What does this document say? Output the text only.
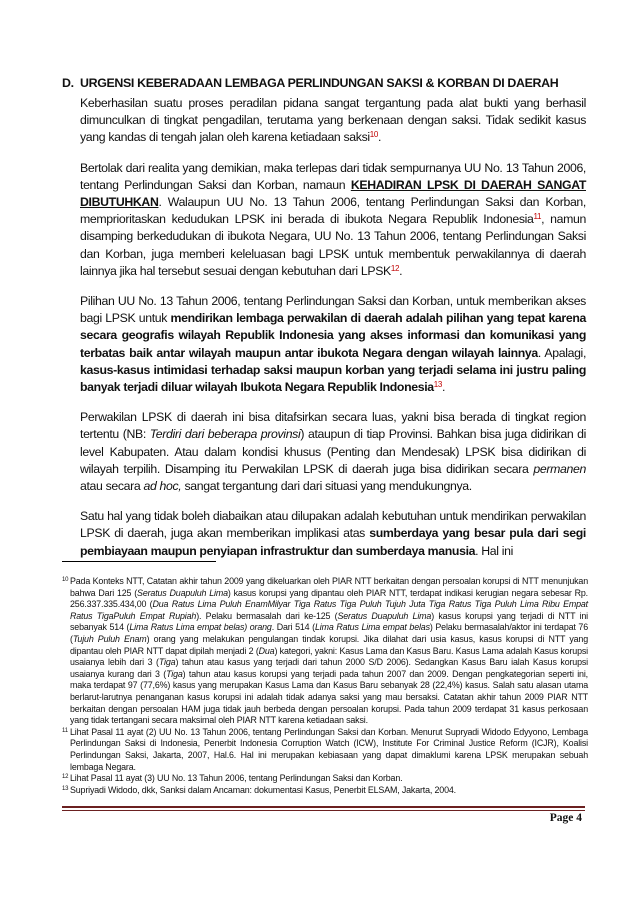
D. URGENSI KEBERADAAN LEMBAGA PERLINDUNGAN SAKSI & KORBAN DI DAERAH

Keberhasilan suatu proses peradilan pidana sangat tergantung pada alat bukti yang berhasil dimunculkan di tingkat pengadilan, terutama yang berkenaan dengan saksi. Tidak sedikit kasus yang kandas di tengah jalan oleh karena ketiadaan saksi$^{10}$.

Bertolak dari realita yang demikian, maka terlepas dari tidak sempurnanya UU No. 13 Tahun 2006, tentang Perlindungan Saksi dan Korban, namaun KEHADIRAN LPSK DI DAERAH SANGAT DIBUTUHKAN. Walaupun UU No. 13 Tahun 2006, tentang Perlindungan Saksi dan Korban, memprioritaskan kedudukan LPSK ini berada di ibukota Negara Republik Indonesia$^{11}$, namun disamping berkedudukan di ibukota Negara, UU No. 13 Tahun 2006, tentang Perlindungan Saksi dan Korban, juga memberi keleluasan bagi LPSK untuk membentuk perwakilannya di daerah lainnya jika hal tersebut sesuai dengan kebutuhan dari LPSK$^{12}$.

Pilihan UU No. 13 Tahun 2006, tentang Perlindungan Saksi dan Korban, untuk memberikan akses bagi LPSK untuk mendirikan lembaga perwakilan di daerah adalah pilihan yang tepat karena secara geografis wilayah Republik Indonesia yang akses informasi dan komunikasi yang terbatas baik antar wilayah maupun antar ibukota Negara dengan wilayah lainnya. Apalagi, kasus-kasus intimidasi terhadap saksi maupun korban yang terjadi selama ini justru paling banyak terjadi diluar wilayah Ibukota Negara Republik Indonesia$^{13}$.

Perwakilan LPSK di daerah ini bisa ditafsirkan secara luas, yakni bisa berada di tingkat region tertentu (NB: Terdiri dari beberapa provinsi) ataupun di tiap Provinsi. Bahkan bisa juga didirikan di level Kabupaten. Atau dalam kondisi khusus (Penting dan Mendesak) LPSK bisa didirikan di wilayah terpilih. Disamping itu Perwakilan LPSK di daerah juga bisa didirikan secara permanen atau secara ad hoc, sangat tergantung dari dari situasi yang mendukungnya.

Satu hal yang tidak boleh diabaikan atau dilupakan adalah kebutuhan untuk mendirikan perwakilan LPSK di daerah, juga akan memberikan implikasi atas sumberdaya yang besar pula dari segi pembiayaan maupun penyiapan infrastruktur dan sumberdaya manusia. Hal ini

10 Pada Konteks NTT, Catatan akhir tahun 2009 yang dikeluarkan oleh PIAR NTT berkaitan dengan persoalan korupsi di NTT menunjukan bahwa Dari 125 (Seratus Duapuluh Lima) kasus korupsi yang dipantau oleh PIAR NTT, terdapat indikasi kerugian negara sebesar Rp. 256.337.335.434,00 (Dua Ratus Lima Puluh EnamMilyar Tiga Ratus Tiga Puluh Tujuh Juta Tiga Ratus Tiga Puluh Lima Ribu Empat Ratus TigaPuluh Empat Rupiah). Pelaku bermasalah dari ke-125 (Seratus Duapuluh Lima) kasus korupsi yang terjadi di NTT ini sebanyak 514 (Lima Ratus Lima empat belas) orang. Dari 514 (Lima Ratus Lima empat belas) Pelaku bermasalah/aktor ini terdapat 76 (Tujuh Puluh Enam) orang yang melakukan pengulangan tindak korupsi. Jika dilahat dari usia kasus, kasus korupsi di NTT yang dipantau oleh PIAR NTT dapat dipilah menjadi 2 (Dua) kategori, yakni: Kasus Lama dan Kasus Baru. Kasus Lama adalah Kasus korupsi usaianya lebih dari 3 (Tiga) tahun atau kasus yang terjadi dari tahun 2000 S/D 2006). Sedangkan Kasus Baru ialah Kasus korupsi usaianya kurang dari 3 (Tiga) tahun atau kasus korupsi yang terjadi pada tahun 2007 dan 2009. Dengan pengkategorian seperti ini, maka terdapat 97 (77,6%) kasus yang merupakan Kasus Lama dan Kasus Baru sebanyak 28 (22,4%) kasus. Salah satu alasan utama berlarut-larutnya penanganan kasus korupsi ini adalah tidak adanya saksi yang mau bersaksi. Catatan akhir tahun 2009 PIAR NTT berkaitan dengan persoalan HAM juga tidak jauh berbeda dengan persoalan korupsi. Pada tahun 2009 terdapat 31 kasus perkosaan yang tidak tertangani secara maksimal oleh PIAR NTT karena ketiadaan saksi.

11 Lihat Pasal 11 ayat (2) UU No. 13 Tahun 2006, tentang Perlindungan Saksi dan Korban. Menurut Supryadi Widodo Edyyono, Lembaga Perlindungan Saksi di Indonesia, Penerbit Indonesia Corruption Watch (ICW), Institute For Criminal Justice Reform (ICJR), Koalisi Perlindungan Saksi, Jakarta, 2007, Hal.6. Hal ini merupakan kebiasaan yang dapat dimaklumi karena LPSK merupakan sebuah lembaga Negara.

12 Lihat Pasal 11 ayat (3) UU No. 13 Tahun 2006, tentang Perlindungan Saksi dan Korban.

13 Supriyadi Widodo, dkk, Sanksi dalam Ancaman: dokumentasi Kasus, Penerbit ELSAM, Jakarta, 2004.

Page 4
